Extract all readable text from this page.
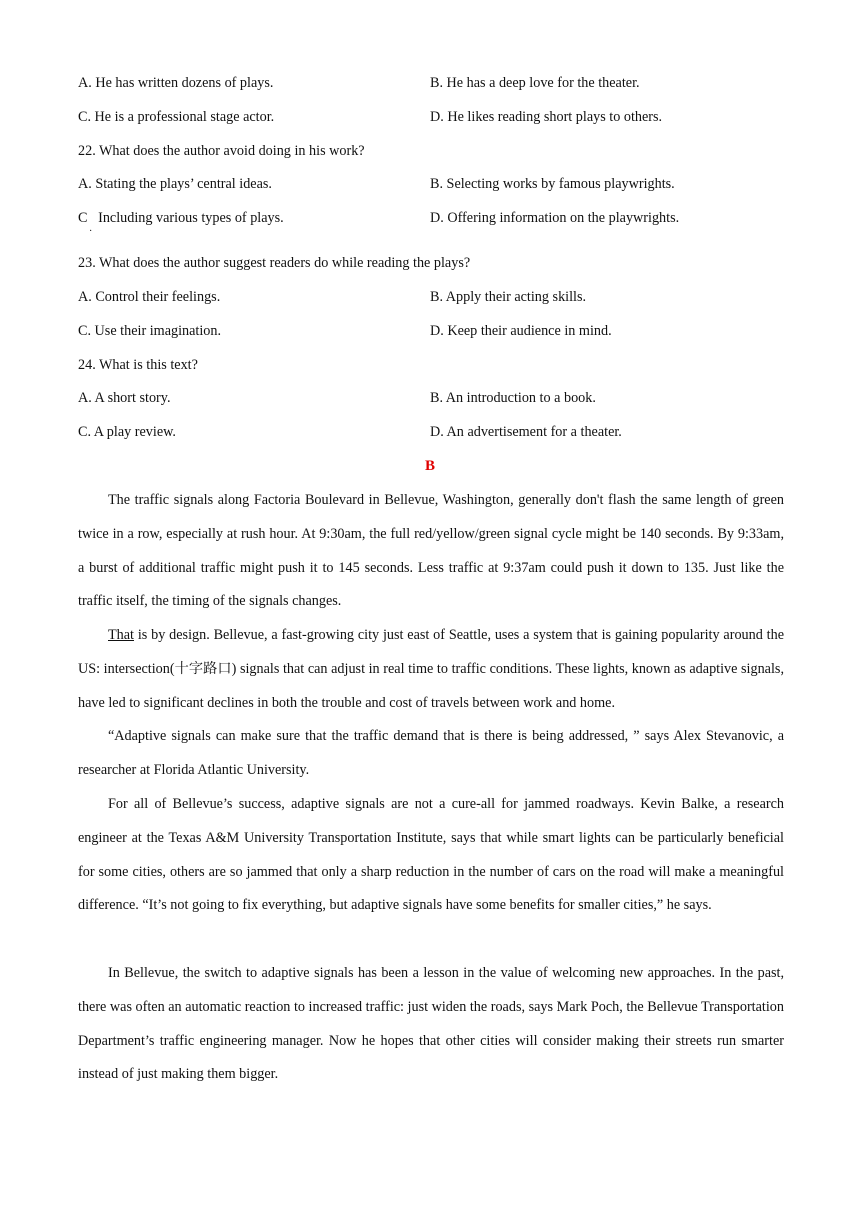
A. He has written dozens of plays.	B. He has a deep love for the theater.
C. He is a professional stage actor.	D. He likes reading short plays to others.
22. What does the author avoid doing in his work?
A. Stating the plays’ central ideas.	B. Selecting works by famous playwrights.
C   Including various types of plays.	D. Offering information on the playwrights.
·
23. What does the author suggest readers do while reading the plays?
A. Control their feelings.	B. Apply their acting skills.
C. Use their imagination.	D. Keep their audience in mind.
24. What is this text?
A. A short story.	B. An introduction to a book.
C. A play review.	D. An advertisement for a theater.
B
The traffic signals along Factoria Boulevard in Bellevue, Washington, generally don't flash the same length of green twice in a row, especially at rush hour. At 9:30am, the full red/yellow/green signal cycle might be 140 seconds. By 9:33am, a burst of additional traffic might push it to 145 seconds. Less traffic at 9:37am could push it down to 135. Just like the traffic itself, the timing of the signals changes.
That is by design. Bellevue, a fast-growing city just east of Seattle, uses a system that is gaining popularity around the US: intersection(十字路口) signals that can adjust in real time to traffic conditions. These lights, known as adaptive signals, have led to significant declines in both the trouble and cost of travels between work and home.
“Adaptive signals can make sure that the traffic demand that is there is being addressed, ” says Alex Stevanovic, a researcher at Florida Atlantic University.
For all of Bellevue’s success, adaptive signals are not a cure-all for jammed roadways. Kevin Balke, a research engineer at the Texas A&M University Transportation Institute, says that while smart lights can be particularly beneficial for some cities, others are so jammed that only a sharp reduction in the number of cars on the road will make a meaningful difference. “It’s not going to fix everything, but adaptive signals have some benefits for smaller cities,” he says.
In Bellevue, the switch to adaptive signals has been a lesson in the value of welcoming new approaches. In the past, there was often an automatic reaction to increased traffic: just widen the roads, says Mark Poch, the Bellevue Transportation Department’s traffic engineering manager. Now he hopes that other cities will consider making their streets run smarter instead of just making them bigger.
